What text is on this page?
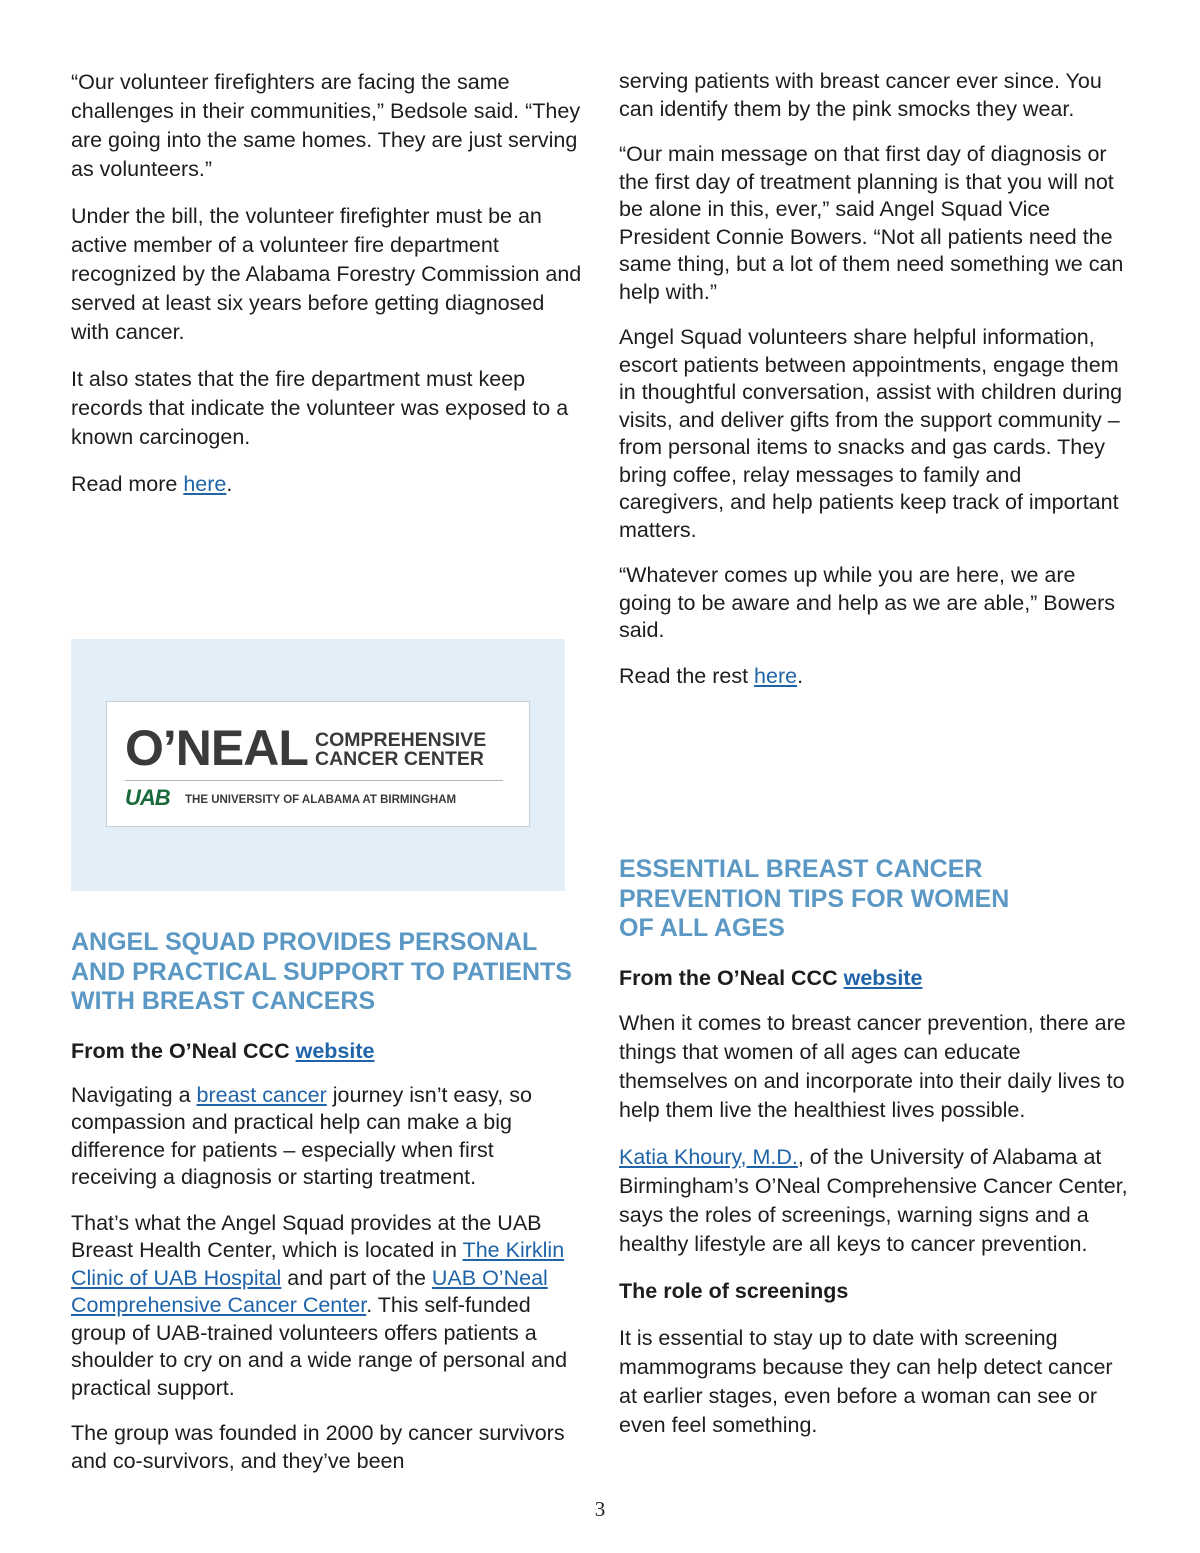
“Our volunteer firefighters are facing the same challenges in their communities,” Bedsole said. “They are going into the same homes. They are just serving as volunteers.”

Under the bill, the volunteer firefighter must be an active member of a volunteer fire department recognized by the Alabama Forestry Commission and served at least six years before getting diagnosed with cancer.

It also states that the fire department must keep records that indicate the volunteer was exposed to a known carcinogen.

Read more here.

O’NEAL COMPREHENSIVE
CANCER CENTER
UAB THE UNIVERSITY OF ALABAMA AT BIRMINGHAM
ANGEL SQUAD PROVIDES PERSONAL AND PRACTICAL SUPPORT TO PATIENTS WITH BREAST CANCERS

From the O’Neal CCC website

Navigating a breast cancer journey isn’t easy, so compassion and practical help can make a big difference for patients – especially when first receiving a diagnosis or starting treatment.

That’s what the Angel Squad provides at the UAB Breast Health Center, which is located in The Kirklin Clinic of UAB Hospital and part of the UAB O’Neal Comprehensive Cancer Center. This self-funded group of UAB-trained volunteers offers patients a shoulder to cry on and a wide range of personal and practical support.

The group was founded in 2000 by cancer survivors and co-survivors, and they’ve been

serving patients with breast cancer ever since. You can identify them by the pink smocks they wear.

“Our main message on that first day of diagnosis or the first day of treatment planning is that you will not be alone in this, ever,” said Angel Squad Vice President Connie Bowers. “Not all patients need the same thing, but a lot of them need something we can help with.”

Angel Squad volunteers share helpful information, escort patients between appointments, engage them in thoughtful conversation, assist with children during visits, and deliver gifts from the support community – from personal items to snacks and gas cards. They bring coffee, relay messages to family and caregivers, and help patients keep track of important matters.

“Whatever comes up while you are here, we are going to be aware and help as we are able,” Bowers said.

Read the rest here.

ESSENTIAL BREAST CANCER PREVENTION TIPS FOR WOMEN OF ALL AGES

From the O’Neal CCC website

When it comes to breast cancer prevention, there are things that women of all ages can educate themselves on and incorporate into their daily lives to help them live the healthiest lives possible.

Katia Khoury, M.D., of the University of Alabama at Birmingham’s O’Neal Comprehensive Cancer Center, says the roles of screenings, warning signs and a healthy lifestyle are all keys to cancer prevention.

The role of screenings

It is essential to stay up to date with screening mammograms because they can help detect cancer at earlier stages, even before a woman can see or even feel something.

3
